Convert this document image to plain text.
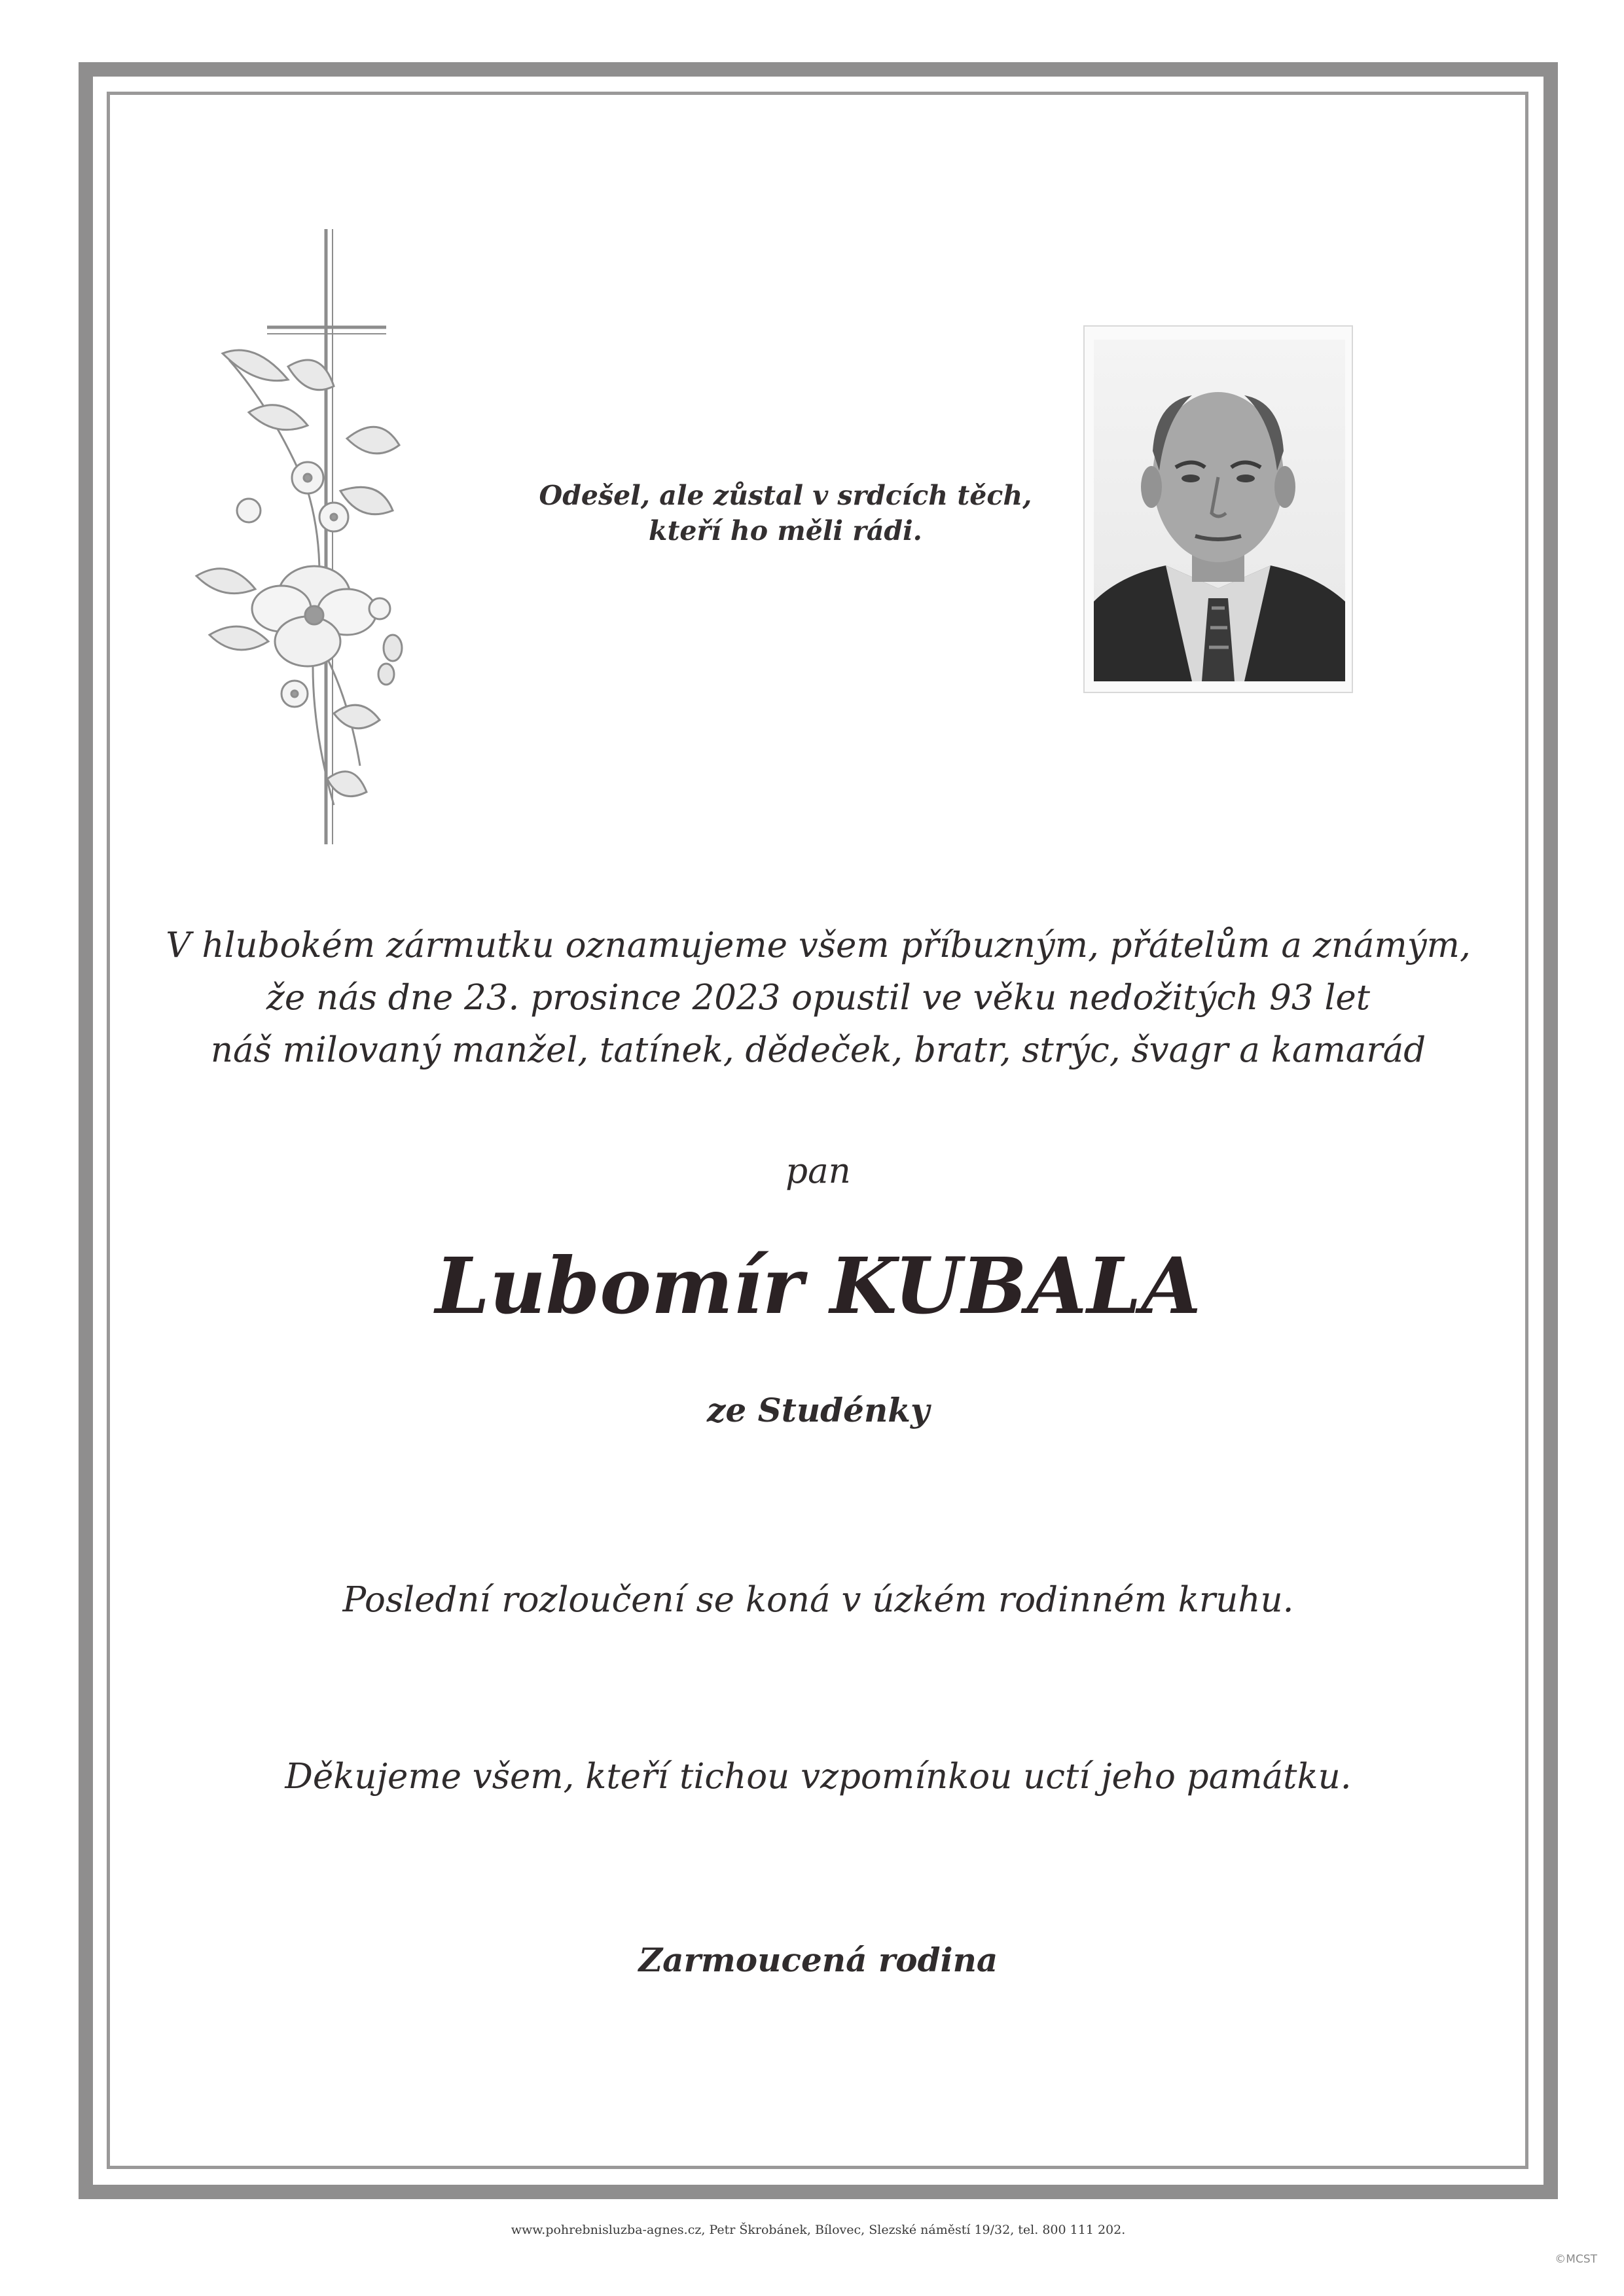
Odešel, ale zůstal v srdcích těch,
kteří ho měli rádi.
V hlubokém zármutku oznamujeme všem příbuzným, přátelům a známým,
že nás dne 23. prosince 2023 opustil ve věku nedožitých 93 let
náš milovaný manžel, tatínek, dědeček, bratr, strýc, švagr a kamarád
pan
Lubomír KUBALA
ze Studénky
Poslední rozloučení se koná v úzkém rodinném kruhu.
Děkujeme všem, kteří tichou vzpomínkou uctí jeho památku.
Zarmoucená rodina
www.pohrebnisluzba-agnes.cz, Petr Škrobánek, Bílovec, Slezské náměstí 19/32, tel. 800 111 202.
©MCST
